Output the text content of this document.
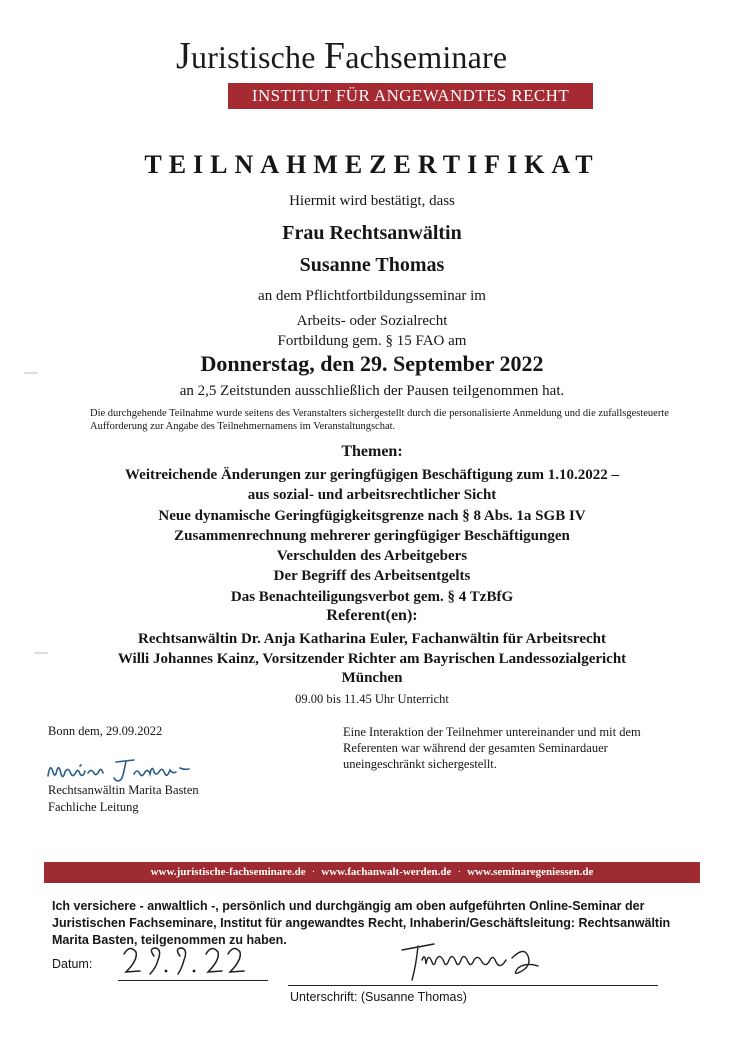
Juristische Fachseminare
INSTITUT FÜR ANGEWANDTES RECHT
TEILNAHMEZERTIFIKAT
Hiermit wird bestätigt, dass
Frau Rechtsanwältin
Susanne Thomas
an dem Pflichtfortbildungsseminar im
Arbeits- oder Sozialrecht
Fortbildung gem. § 15 FAO am
Donnerstag, den 29. September 2022
an 2,5 Zeitstunden ausschließlich der Pausen teilgenommen hat.
Die durchgehende Teilnahme wurde seitens des Veranstalters sichergestellt durch die personalisierte Anmeldung und die zufallsgesteuerte Aufforderung zur Angabe des Teilnehmernamens im Veranstaltungschat.
Themen:
Weitreichende Änderungen zur geringfügigen Beschäftigung zum 1.10.2022 –
aus sozial- und arbeitsrechtlicher Sicht
Neue dynamische Geringfügigkeitsgrenze nach § 8 Abs. 1a SGB IV
Zusammenrechnung mehrerer geringfügiger Beschäftigungen
Verschulden des Arbeitgebers
Der Begriff des Arbeitsentgelts
Das Benachteiligungsverbot gem. § 4 TzBfG
Referent(en):
Rechtsanwältin Dr. Anja Katharina Euler, Fachanwältin für Arbeitsrecht
Willi Johannes Kainz, Vorsitzender Richter am Bayrischen Landessozialgericht
München
09.00 bis 11.45 Uhr Unterricht
Bonn dem, 29.09.2022	Eine Interaktion der Teilnehmer untereinander und mit dem Referenten war während der gesamten Seminardauer uneingeschränkt sichergestellt.
Rechtsanwältin Marita Basten
Fachliche Leitung
www.juristische-fachseminare.de · www.fachanwalt-werden.de · www.seminaregeniessen.de
Ich versichere - anwaltlich -, persönlich und durchgängig am oben aufgeführten Online-Seminar der Juristischen Fachseminare, Institut für angewandtes Recht, Inhaberin/Geschäftsleitung: Rechtsanwältin Marita Basten, teilgenommen zu haben.
Datum:
Unterschrift: (Susanne Thomas)
